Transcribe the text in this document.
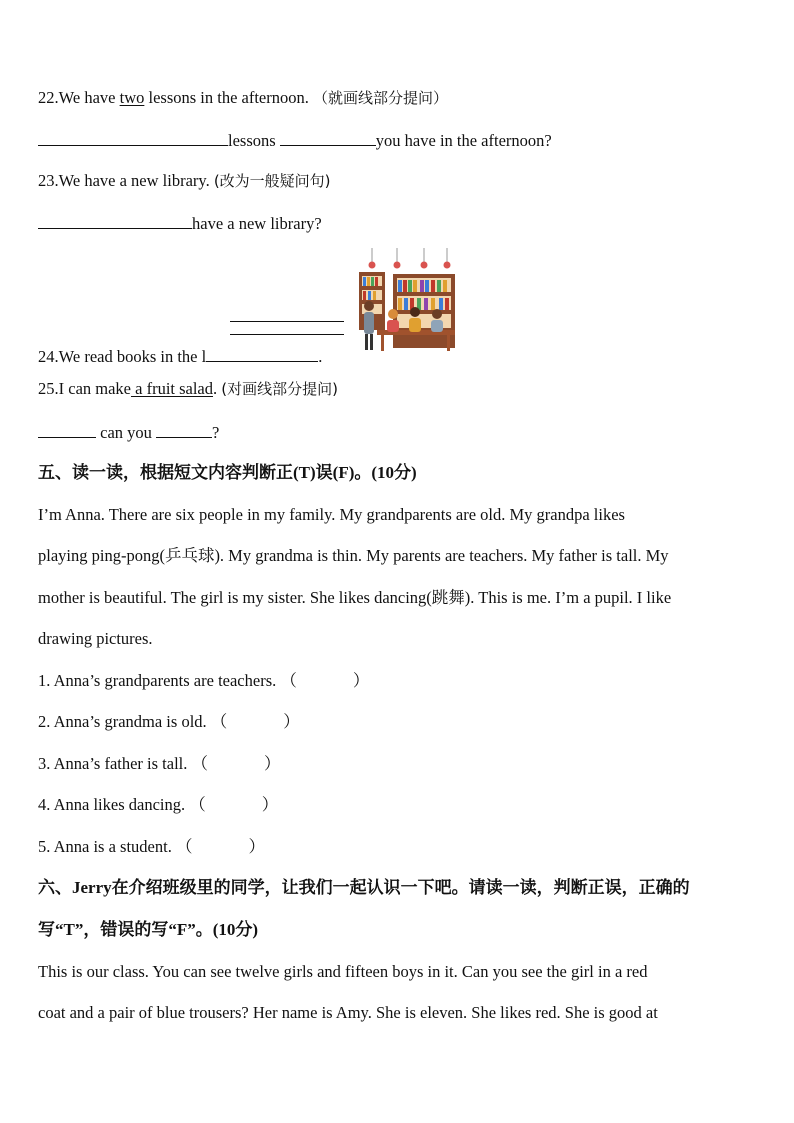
22.We have two lessons in the afternoon. （就画线部分提问）
lessons	you have in the afternoon?
23.We have a new library. (改为一般疑问句)
have a new library?
24.We read books in the l	.
25.I can make a fruit salad. (对画线部分提问)
can you	?
五、读一读，根据短文内容判断正(T)误(F)。(10分)
I’m Anna. There are six people in my family. My grandparents are old. My grandpa likes
playing ping-pong(乒乓球). My grandma is thin. My parents are teachers. My father is tall. My
mother is beautiful. The girl is my sister. She likes dancing(跳舞). This is me. I’m a pupil. I like
drawing pictures.
1. Anna’s grandparents are teachers. （	）
2. Anna’s grandma is old. （	）
3. Anna’s father is tall. （	）
4. Anna likes dancing. （	）
5. Anna is a student. （	）
六、Jerry在介绍班级里的同学，让我们一起认识一下吧。请读一读，判断正误，正确的
写“T”，错误的写“F”。(10分)
This is our class. You can see twelve girls and fifteen boys in it. Can you see the girl in a red
coat and a pair of blue trousers? Her name is Amy. She is eleven. She likes red. She is good at
